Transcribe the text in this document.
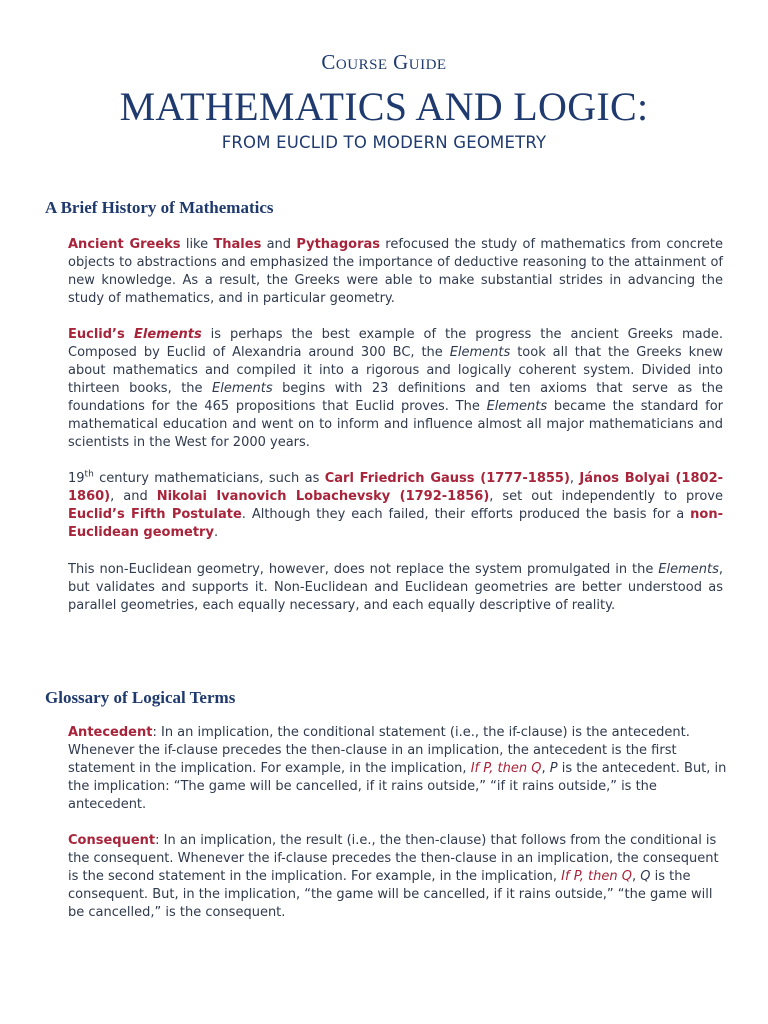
COURSE GUIDE
MATHEMATICS AND LOGIC:
FROM EUCLID TO MODERN GEOMETRY
A Brief History of Mathematics

Ancient Greeks like Thales and Pythagoras refocused the study of mathematics from concrete objects to abstractions and emphasized the importance of deductive reasoning to the attainment of new knowledge. As a result, the Greeks were able to make substantial strides in advancing the study of mathematics, and in particular geometry.

Euclid’s Elements is perhaps the best example of the progress the ancient Greeks made. Composed by Euclid of Alexandria around 300 BC, the Elements took all that the Greeks knew about mathematics and compiled it into a rigorous and logically coherent system. Divided into thirteen books, the Elements begins with 23 definitions and ten axioms that serve as the foundations for the 465 propositions that Euclid proves. The Elements became the standard for mathematical education and went on to inform and influence almost all major mathematicians and scientists in the West for 2000 years.

19th century mathematicians, such as Carl Friedrich Gauss (1777-1855), János Bolyai (1802-1860), and Nikolai Ivanovich Lobachevsky (1792-1856), set out independently to prove Euclid’s Fifth Postulate. Although they each failed, their efforts produced the basis for a non-Euclidean geometry.

This non-Euclidean geometry, however, does not replace the system promulgated in the Elements, but validates and supports it. Non-Euclidean and Euclidean geometries are better understood as parallel geometries, each equally necessary, and each equally descriptive of reality.

Glossary of Logical Terms

Antecedent: In an implication, the conditional statement (i.e., the if-clause) is the antecedent. Whenever the if-clause precedes the then-clause in an implication, the antecedent is the first statement in the implication. For example, in the implication, If P, then Q, P is the antecedent. But, in the implication: “The game will be cancelled, if it rains outside,” “if it rains outside,” is the antecedent.

Consequent: In an implication, the result (i.e., the then-clause) that follows from the conditional is the consequent. Whenever the if-clause precedes the then-clause in an implication, the consequent is the second statement in the implication. For example, in the implication, If P, then Q, Q is the consequent. But, in the implication, “the game will be cancelled, if it rains outside,” “the game will be cancelled,” is the consequent.
